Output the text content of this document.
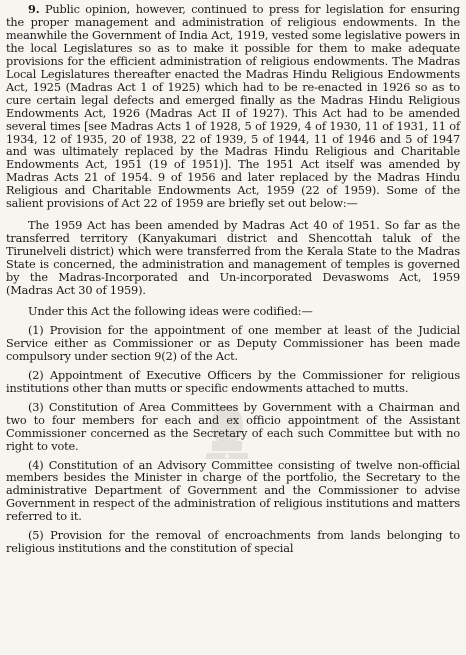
9. Public opinion, however, continued to press for legislation for ensuring the proper management and administration of religious endowments. In the meanwhile the Government of India Act, 1919, vested some legislative powers in the local Legislatures so as to make it possible for them to make adequate provisions for the efficient administration of religious endowments. The Madras Local Legislatures thereafter enacted the Madras Hindu Religious Endowments Act, 1925 (Madras Act 1 of 1925) which had to be re-enacted in 1926 so as to cure certain legal defects and emerged finally as the Madras Hindu Religious Endowments Act, 1926 (Madras Act II of 1927). This Act had to be amended several times [see Madras Acts 1 of 1928, 5 of 1929, 4 of 1930, 11 of 1931, 11 of 1934, 12 of 1935, 20 of 1938, 22 of 1939, 5 of 1944, 11 of 1946 and 5 of 1947 and was ultimately replaced by the Madras Hindu Religious and Charitable Endowments Act, 1951 (19 of 1951)]. The 1951 Act itself was amended by Madras Acts 21 of 1954. 9 of 1956 and later replaced by the Madras Hindu Religious and Charitable Endowments Act, 1959 (22 of 1959). Some of the salient provisions of Act 22 of 1959 are briefly set out below:—

The 1959 Act has been amended by Madras Act 40 of 1951. So far as the transferred territory (Kanyakumari district and Shencottah taluk of the Tirunelveli district) which were transferred from the Kerala State to the Madras State is concerned, the administration and management of temples is governed by the Madras-Incorporated and Un-incorporated Devaswoms Act, 1959 (Madras Act 30 of 1959).

Under this Act the following ideas were codified:—

(1) Provision for the appointment of one member at least of the Judicial Service either as Commissioner or as Deputy Commissioner has been made compulsory under section 9(2) of the Act.

(2) Appointment of Executive Officers by the Commissioner for religious institutions other than mutts or specific endowments attached to mutts.

(3) Constitution of Area Committees by Government with a Chairman and two to four members for each and ex officio appointment of the Assistant Commissioner concerned as the Secretary of each such Committee but with no right to vote.

(4) Constitution of an Advisory Committee consisting of twelve non-official members besides the Minister in charge of the portfolio, the Secretary to the administrative Department of Government and the Commissioner to advise Government in respect of the administration of religious institutions and matters referred to it.

(5) Provision for the removal of encroachments from lands belonging to religious institutions and the constitution of special
